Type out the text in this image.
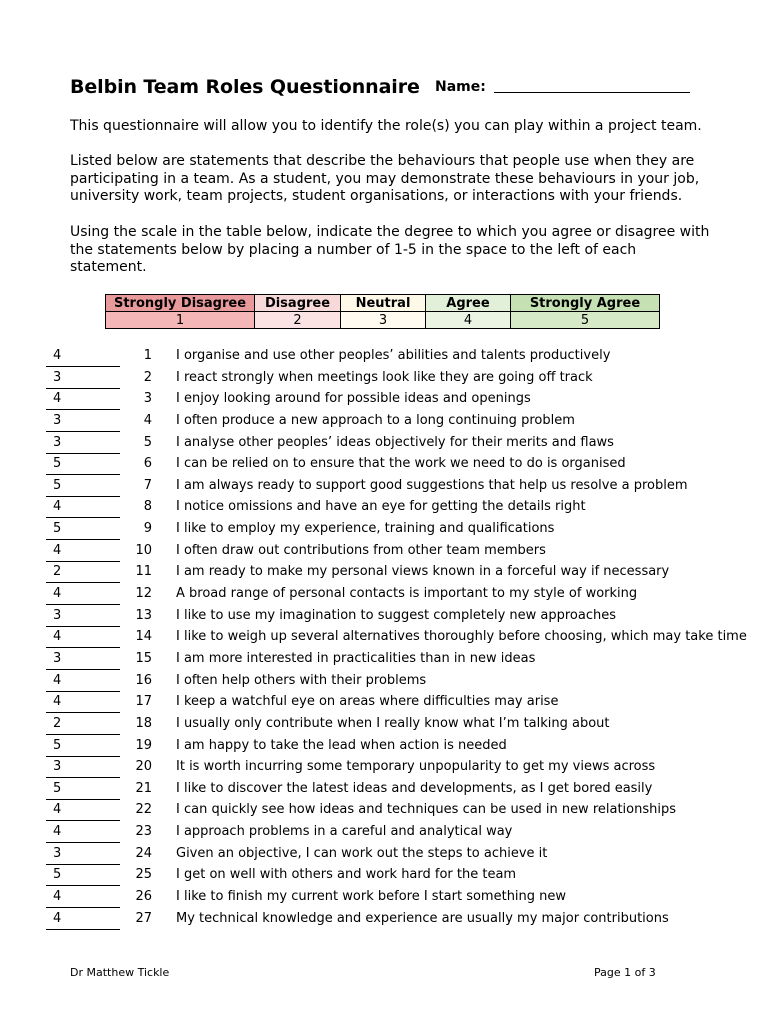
Belbin Team Roles Questionnaire Name:
This questionnaire will allow you to identify the role(s) you can play within a project team.
Listed below are statements that describe the behaviours that people use when they are participating in a team. As a student, you may demonstrate these behaviours in your job, university work, team projects, student organisations, or interactions with your friends.
Using the scale in the table below, indicate the degree to which you agree or disagree with the statements below by placing a number of 1-5 in the space to the left of each statement.
Strongly Disagree	Disagree	Neutral	Agree	Strongly Agree
1	2	3	4	5
4	1 I organise and use other peoples’ abilities and talents productively
3	2 I react strongly when meetings look like they are going off track
4	3 I enjoy looking around for possible ideas and openings
3	4 I often produce a new approach to a long continuing problem
3	5 I analyse other peoples’ ideas objectively for their merits and flaws
5	6 I can be relied on to ensure that the work we need to do is organised
5	7 I am always ready to support good suggestions that help us resolve a problem
4	8 I notice omissions and have an eye for getting the details right
5	9 I like to employ my experience, training and qualifications
4	10 I often draw out contributions from other team members
2	11 I am ready to make my personal views known in a forceful way if necessary
4	12 A broad range of personal contacts is important to my style of working
3	13 I like to use my imagination to suggest completely new approaches
4	14 I like to weigh up several alternatives thoroughly before choosing, which may take time
3	15 I am more interested in practicalities than in new ideas
4	16 I often help others with their problems
4	17 I keep a watchful eye on areas where difficulties may arise
2	18 I usually only contribute when I really know what I’m talking about
5	19 I am happy to take the lead when action is needed
3	20 It is worth incurring some temporary unpopularity to get my views across
5	21 I like to discover the latest ideas and developments, as I get bored easily
4	22 I can quickly see how ideas and techniques can be used in new relationships
4	23 I approach problems in a careful and analytical way
3	24 Given an objective, I can work out the steps to achieve it
5	25 I get on well with others and work hard for the team
4	26 I like to finish my current work before I start something new
4	27 My technical knowledge and experience are usually my major contributions
Dr Matthew Tickle	Page 1 of 3
